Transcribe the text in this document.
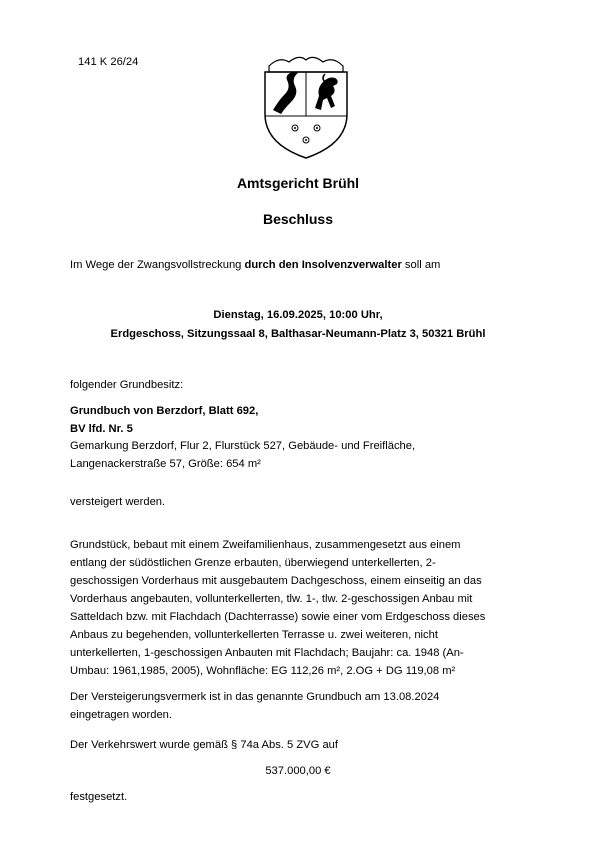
141 K 26/24
Amtsgericht Brühl
Beschluss
Im Wege der Zwangsvollstreckung durch den Insolvenzverwalter soll am
Dienstag, 16.09.2025, 10:00 Uhr,
Erdgeschoss, Sitzungssaal 8, Balthasar-Neumann-Platz 3, 50321 Brühl
folgender Grundbesitz:
Grundbuch von Berzdorf, Blatt 692,
BV lfd. Nr. 5
Gemarkung Berzdorf, Flur 2, Flurstück 527, Gebäude- und Freifläche,
Langenackerstraße 57, Größe: 654 m²
versteigert werden.
Grundstück, bebaut mit einem Zweifamilienhaus, zusammengesetzt aus einem
entlang der südöstlichen Grenze erbauten, überwiegend unterkellerten, 2-
geschossigen Vorderhaus mit ausgebautem Dachgeschoss, einem einseitig an das
Vorderhaus angebauten, vollunterkellerten, tlw. 1-, tlw. 2-geschossigen Anbau mit
Satteldach bzw. mit Flachdach (Dachterrasse) sowie einer vom Erdgeschoss dieses
Anbaus zu begehenden, vollunterkellerten Terrasse u. zwei weiteren, nicht
unterkellerten, 1-geschossigen Anbauten mit Flachdach; Baujahr: ca. 1948 (An-
Umbau: 1961,1985, 2005), Wohnfläche: EG 112,26 m², 2.OG + DG 119,08 m²
Der Versteigerungsvermerk ist in das genannte Grundbuch am 13.08.2024
eingetragen worden.
Der Verkehrswert wurde gemäß § 74a Abs. 5 ZVG auf
537.000,00 €
festgesetzt.
